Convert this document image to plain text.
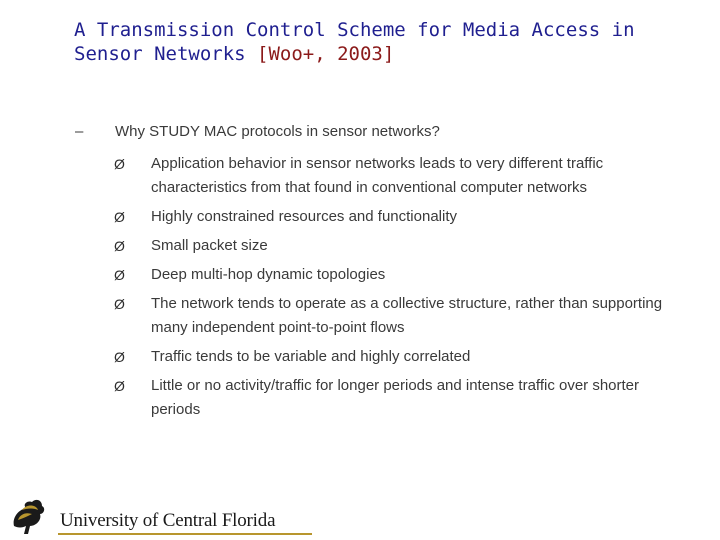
A Transmission Control Scheme for Media Access in Sensor Networks [Woo+, 2003]
– Why STUDY MAC protocols in sensor networks?
Ø Application behavior in sensor networks leads to very different traffic characteristics from that found in conventional computer networks
Ø Highly constrained resources and functionality
Ø Small packet size
Ø Deep multi-hop dynamic topologies
Ø The network tends to operate as a collective structure, rather than supporting many independent point-to-point flows
Ø Traffic tends to be variable and highly correlated
Ø Little or no activity/traffic for longer periods and intense traffic over shorter periods
University of Central Florida
